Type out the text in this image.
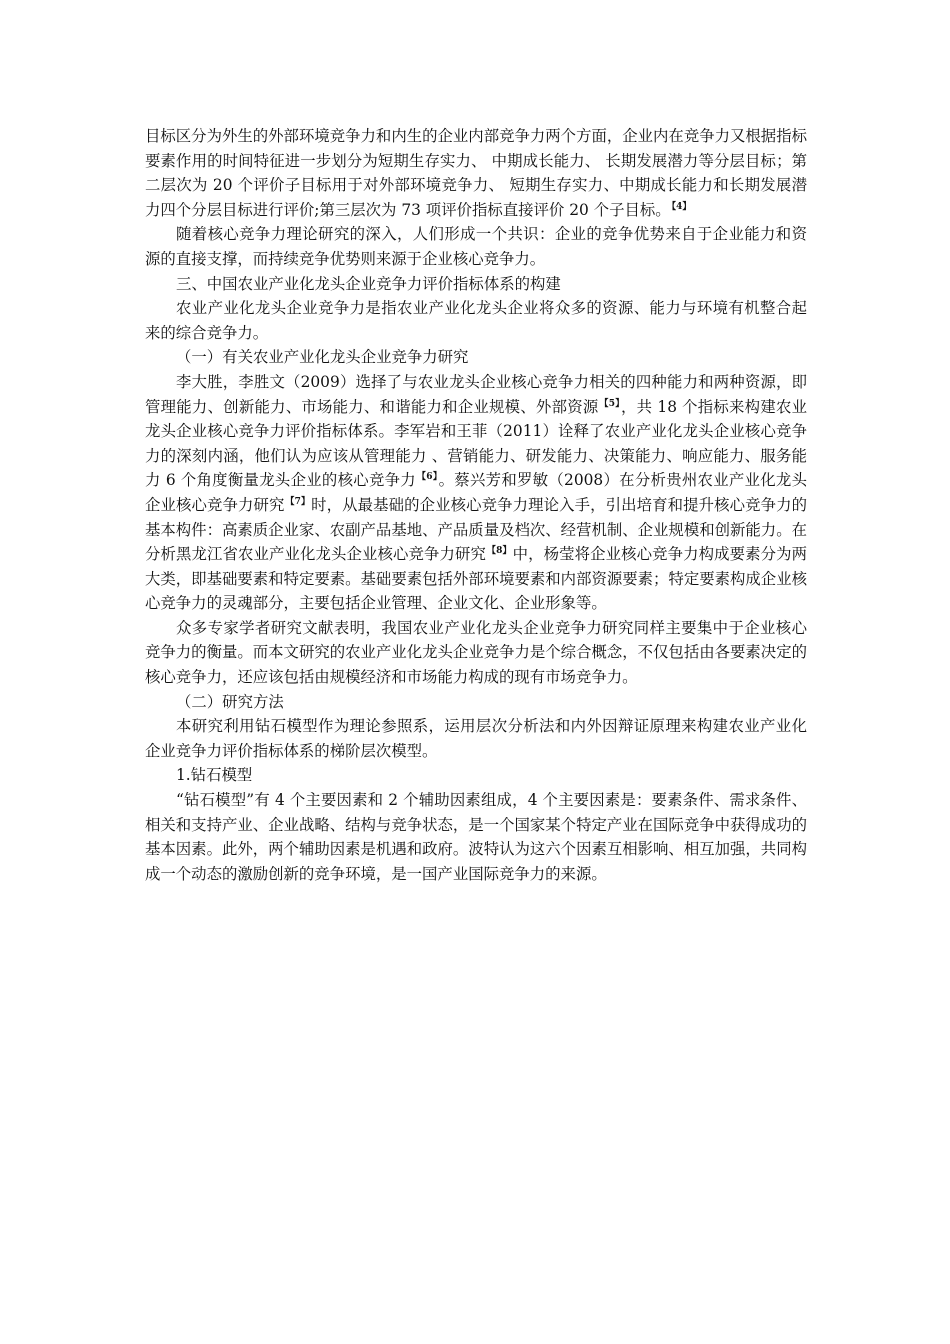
目标区分为外生的外部环境竞争力和内生的企业内部竞争力两个方面，企业内在竞争力又根据指标要素作用的时间特征进一步划分为短期生存实力、 中期成长能力、 长期发展潜力等分层目标；第二层次为 20 个评价子目标用于对外部环境竞争力、 短期生存实力、中期成长能力和长期发展潜力四个分层目标进行评价;第三层次为 73 项评价指标直接评价 20 个子目标。$^{【4】}$

随着核心竞争力理论研究的深入，人们形成一个共识：企业的竞争优势来自于企业能力和资源的直接支撑，而持续竞争优势则来源于企业核心竞争力。

三、中国农业产业化龙头企业竞争力评价指标体系的构建

农业产业化龙头企业竞争力是指农业产业化龙头企业将众多的资源、能力与环境有机整合起来的综合竞争力。

（一）有关农业产业化龙头企业竞争力研究

李大胜，李胜文（2009）选择了与农业龙头企业核心竞争力相关的四种能力和两种资源，即管理能力、创新能力、市场能力、和谐能力和企业规模、外部资源$^{【5】}$，共 18 个指标来构建农业龙头企业核心竞争力评价指标体系。李军岩和王菲（2011）诠释了农业产业化龙头企业核心竞争力的深刻内涵，他们认为应该从管理能力 、营销能力、研发能力、决策能力、响应能力、服务能力 6 个角度衡量龙头企业的核心竞争力$^{【6】}$。蔡兴芳和罗敏（2008）在分析贵州农业产业化龙头企业核心竞争力研究$^{【7】}$时，从最基础的企业核心竞争力理论入手，引出培育和提升核心竞争力的基本构件：高素质企业家、农副产品基地、产品质量及档次、经营机制、企业规模和创新能力。在分析黑龙江省农业产业化龙头企业核心竞争力研究$^{【8】}$中，杨莹将企业核心竞争力构成要素分为两大类，即基础要素和特定要素。基础要素包括外部环境要素和内部资源要素；特定要素构成企业核心竞争力的灵魂部分，主要包括企业管理、企业文化、企业形象等。

众多专家学者研究文献表明，我国农业产业化龙头企业竞争力研究同样主要集中于企业核心竞争力的衡量。而本文研究的农业产业化龙头企业竞争力是个综合概念，不仅包括由各要素决定的核心竞争力，还应该包括由规模经济和市场能力构成的现有市场竞争力。

（二）研究方法

本研究利用钻石模型作为理论参照系，运用层次分析法和内外因辩证原理来构建农业产业化企业竞争力评价指标体系的梯阶层次模型。

1.钻石模型

“钻石模型”有 4 个主要因素和 2 个辅助因素组成，4 个主要因素是：要素条件、需求条件、相关和支持产业、企业战略、结构与竞争状态，是一个国家某个特定产业在国际竞争中获得成功的基本因素。此外，两个辅助因素是机遇和政府。波特认为这六个因素互相影响、相互加强，共同构成一个动态的激励创新的竞争环境，是一国产业国际竞争力的来源。
